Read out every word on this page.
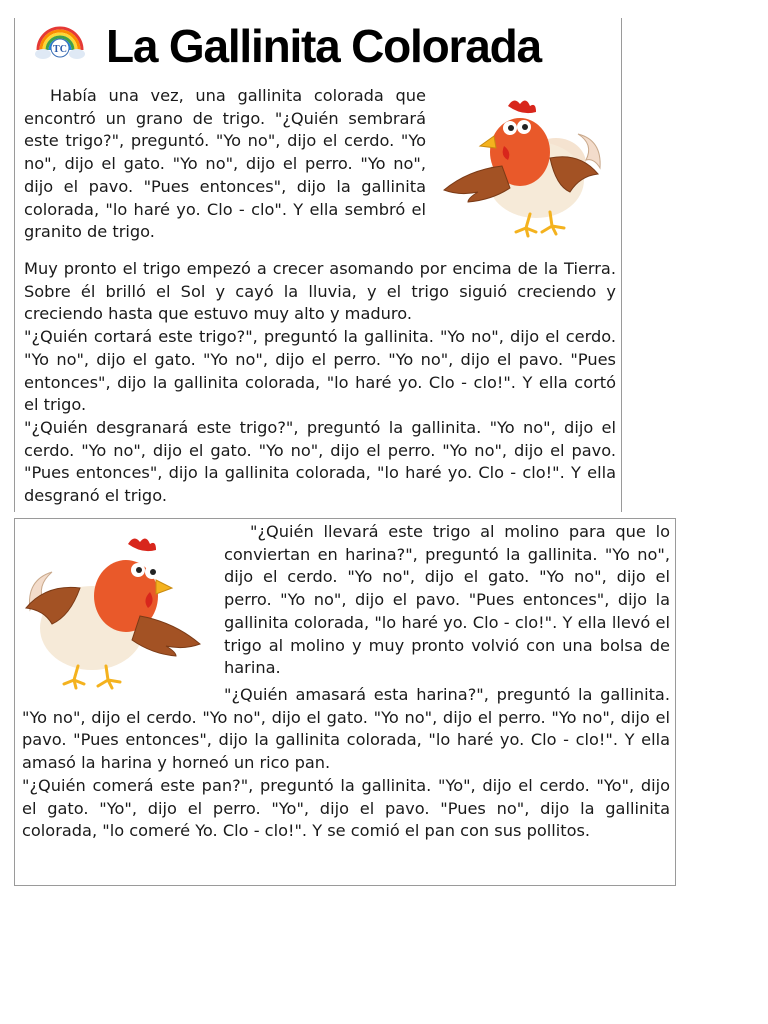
TC La Gallinita Colorada
Había una vez, una gallinita colorada que encontró un grano de trigo. "¿Quién sembrará este trigo?", preguntó. "Yo no", dijo el cerdo. "Yo no", dijo el gato. "Yo no", dijo el perro. "Yo no", dijo el pavo. "Pues entonces", dijo la gallinita colorada, "lo haré yo. Clo - clo". Y ella sembró el granito de trigo.
Muy pronto el trigo empezó a crecer asomando por encima de la Tierra. Sobre él brilló el Sol y cayó la lluvia, y el trigo siguió creciendo y creciendo hasta que estuvo muy alto y maduro.
"¿Quién cortará este trigo?", preguntó la gallinita. "Yo no", dijo el cerdo. "Yo no", dijo el gato. "Yo no", dijo el perro. "Yo no", dijo el pavo. "Pues entonces", dijo la gallinita colorada, "lo haré yo. Clo - clo!". Y ella cortó el trigo.
"¿Quién desgranará este trigo?", preguntó la gallinita. "Yo no", dijo el cerdo. "Yo no", dijo el gato. "Yo no", dijo el perro. "Yo no", dijo el pavo. "Pues entonces", dijo la gallinita colorada, "lo haré yo. Clo - clo!". Y ella desgranó el trigo.
"¿Quién llevará este trigo al molino para que lo conviertan en harina?", preguntó la gallinita. "Yo no", dijo el cerdo. "Yo no", dijo el gato. "Yo no", dijo el perro. "Yo no", dijo el pavo. "Pues entonces", dijo la gallinita colorada, "lo haré yo. Clo - clo!". Y ella llevó el trigo al molino y muy pronto volvió con una bolsa de harina.
"¿Quién amasará esta harina?", preguntó la gallinita. "Yo no", dijo el cerdo. "Yo no", dijo el gato. "Yo no", dijo el perro. "Yo no", dijo el pavo. "Pues entonces", dijo la gallinita colorada, "lo haré yo. Clo - clo!". Y ella amasó la harina y horneó un rico pan.
"¿Quién comerá este pan?", preguntó la gallinita. "Yo", dijo el cerdo. "Yo", dijo el gato. "Yo", dijo el perro. "Yo", dijo el pavo. "Pues no", dijo la gallinita colorada, "lo comeré Yo. Clo - clo!". Y se comió el pan con sus pollitos.
